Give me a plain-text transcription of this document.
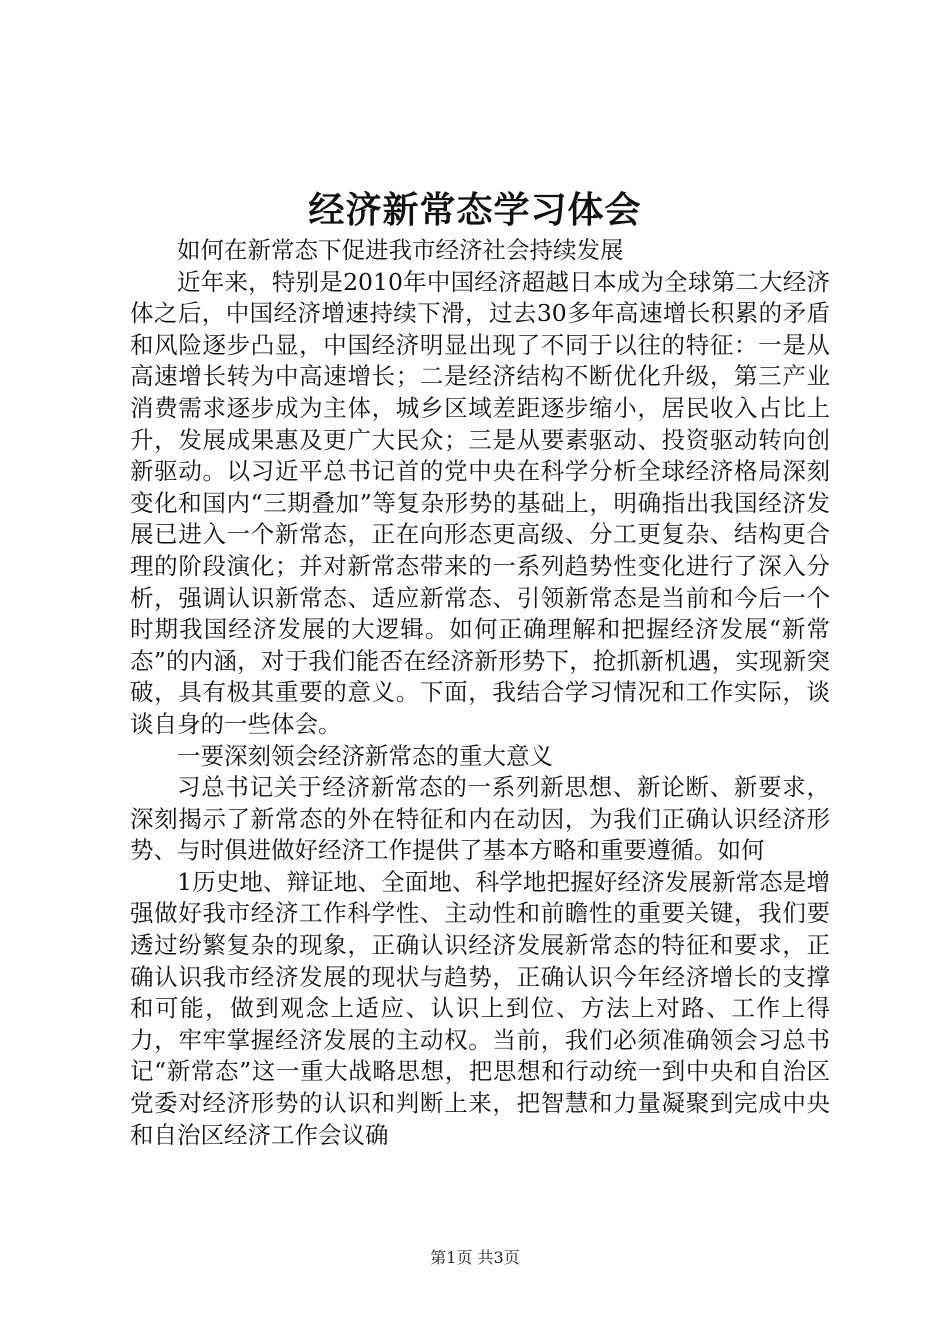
经济新常态学习体会

如何在新常态下促进我市经济社会持续发展

近年来，特别是2010年中国经济超越日本成为全球第二大经济体之后，中国经济增速持续下滑，过去30多年高速增长积累的矛盾和风险逐步凸显，中国经济明显出现了不同于以往的特征：一是从高速增长转为中高速增长；二是经济结构不断优化升级，第三产业消费需求逐步成为主体，城乡区域差距逐步缩小，居民收入占比上升，发展成果惠及更广大民众；三是从要素驱动、投资驱动转向创新驱动。以习近平总书记首的党中央在科学分析全球经济格局深刻变化和国内“三期叠加”等复杂形势的基础上，明确指出我国经济发展已进入一个新常态，正在向形态更高级、分工更复杂、结构更合理的阶段演化；并对新常态带来的一系列趋势性变化进行了深入分析，强调认识新常态、适应新常态、引领新常态是当前和今后一个时期我国经济发展的大逻辑。如何正确理解和把握经济发展“新常态”的内涵，对于我们能否在经济新形势下，抢抓新机遇，实现新突破，具有极其重要的意义。下面，我结合学习情况和工作实际，谈谈自身的一些体会。

一要深刻领会经济新常态的重大意义

习总书记关于经济新常态的一系列新思想、新论断、新要求，深刻揭示了新常态的外在特征和内在动因，为我们正确认识经济形势、与时俱进做好经济工作提供了基本方略和重要遵循。如何

1历史地、辩证地、全面地、科学地把握好经济发展新常态是增强做好我市经济工作科学性、主动性和前瞻性的重要关键，我们要透过纷繁复杂的现象，正确认识经济发展新常态的特征和要求，正确认识我市经济发展的现状与趋势，正确认识今年经济增长的支撑和可能，做到观念上适应、认识上到位、方法上对路、工作上得力，牢牢掌握经济发展的主动权。当前，我们必须准确领会习总书记“新常态”这一重大战略思想，把思想和行动统一到中央和自治区党委对经济形势的认识和判断上来，把智慧和力量凝聚到完成中央和自治区经济工作会议确

第1页 共3页
